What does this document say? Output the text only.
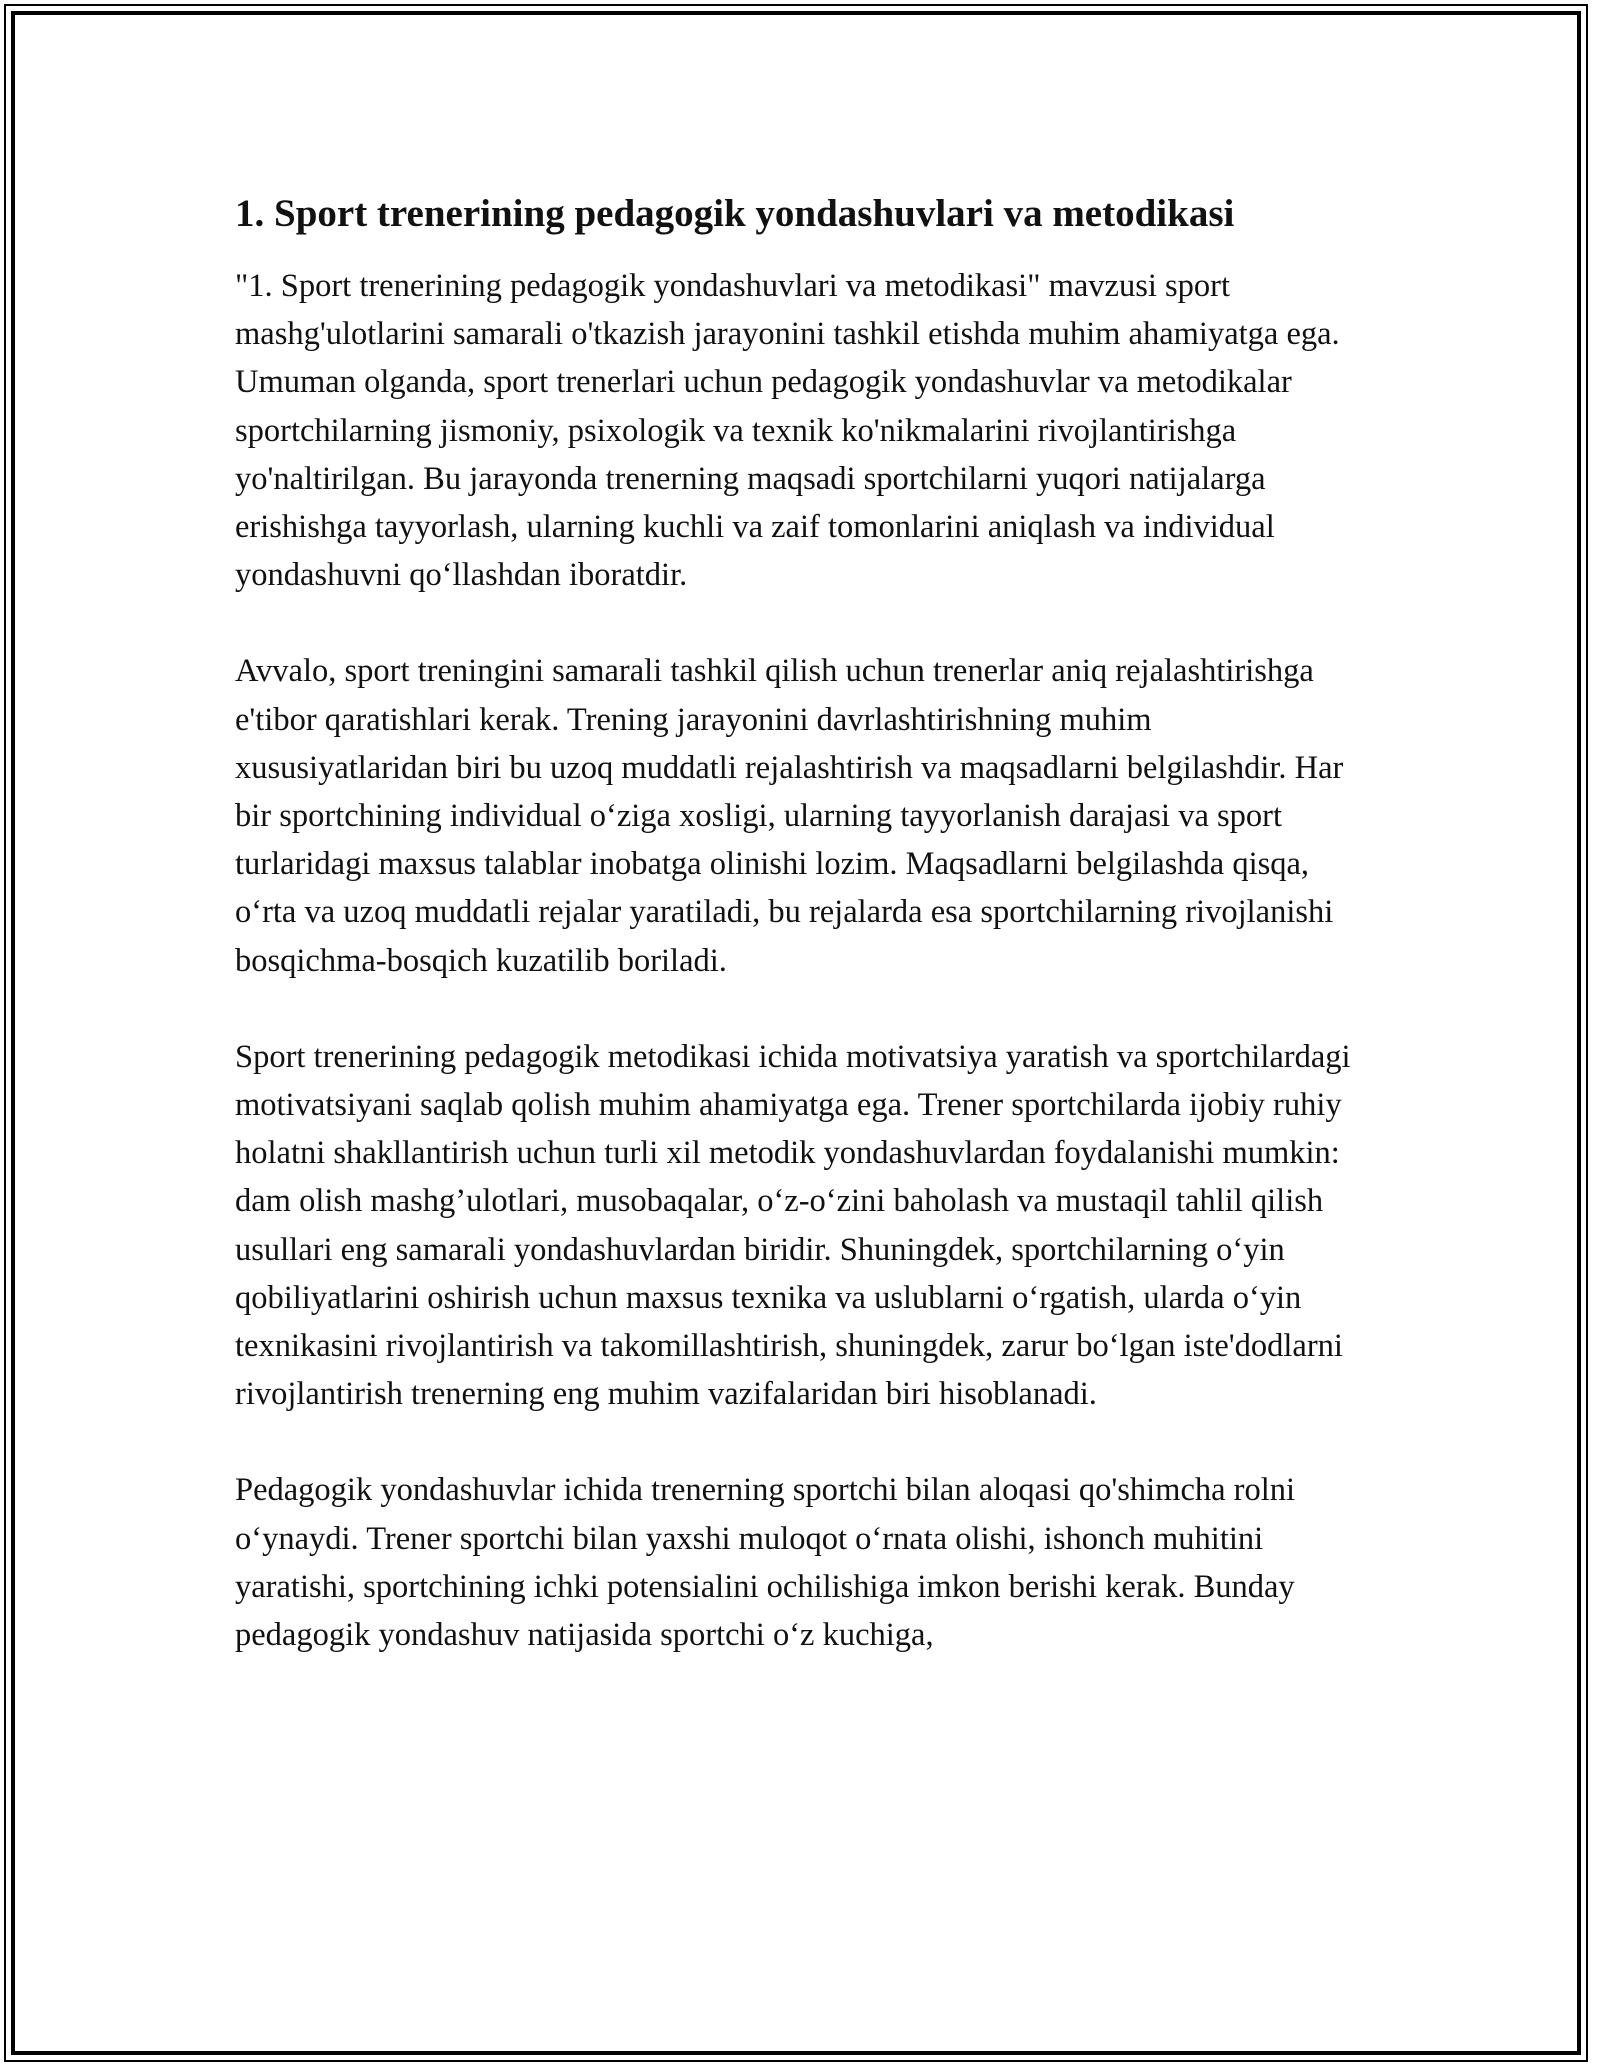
1. Sport trenerining pedagogik yondashuvlari va metodikasi

"1. Sport trenerining pedagogik yondashuvlari va metodikasi" mavzusi sport mashg'ulotlarini samarali o'tkazish jarayonini tashkil etishda muhim ahamiyatga ega. Umuman olganda, sport trenerlari uchun pedagogik yondashuvlar va metodikalar sportchilarning jismoniy, psixologik va texnik ko'nikmalarini rivojlantirishga yo'naltirilgan. Bu jarayonda trenerning maqsadi sportchilarni yuqori natijalarga erishishga tayyorlash, ularning kuchli va zaif tomonlarini aniqlash va individual yondashuvni qo‘llashdan iboratdir.

Avvalo, sport treningini samarali tashkil qilish uchun trenerlar aniq rejalashtirishga e'tibor qaratishlari kerak. Trening jarayonini davrlashtirishning muhim xususiyatlaridan biri bu uzoq muddatli rejalashtirish va maqsadlarni belgilashdir. Har bir sportchining individual o‘ziga xosligi, ularning tayyorlanish darajasi va sport turlaridagi maxsus talablar inobatga olinishi lozim. Maqsadlarni belgilashda qisqa, o‘rta va uzoq muddatli rejalar yaratiladi, bu rejalarda esa sportchilarning rivojlanishi bosqichma-bosqich kuzatilib boriladi.

Sport trenerining pedagogik metodikasi ichida motivatsiya yaratish va sportchilardagi motivatsiyani saqlab qolish muhim ahamiyatga ega. Trener sportchilarda ijobiy ruhiy holatni shakllantirish uchun turli xil metodik yondashuvlardan foydalanishi mumkin: dam olish mashg’ulotlari, musobaqalar, o‘z-o‘zini baholash va mustaqil tahlil qilish usullari eng samarali yondashuvlardan biridir. Shuningdek, sportchilarning o‘yin qobiliyatlarini oshirish uchun maxsus texnika va uslublarni o‘rgatish, ularda o‘yin texnikasini rivojlantirish va takomillashtirish, shuningdek, zarur bo‘lgan iste'dodlarni rivojlantirish trenerning eng muhim vazifalaridan biri hisoblanadi.

Pedagogik yondashuvlar ichida trenerning sportchi bilan aloqasi qo'shimcha rolni o‘ynaydi. Trener sportchi bilan yaxshi muloqot o‘rnata olishi, ishonch muhitini yaratishi, sportchining ichki potensialini ochilishiga imkon berishi kerak. Bunday pedagogik yondashuv natijasida sportchi o‘z kuchiga,
